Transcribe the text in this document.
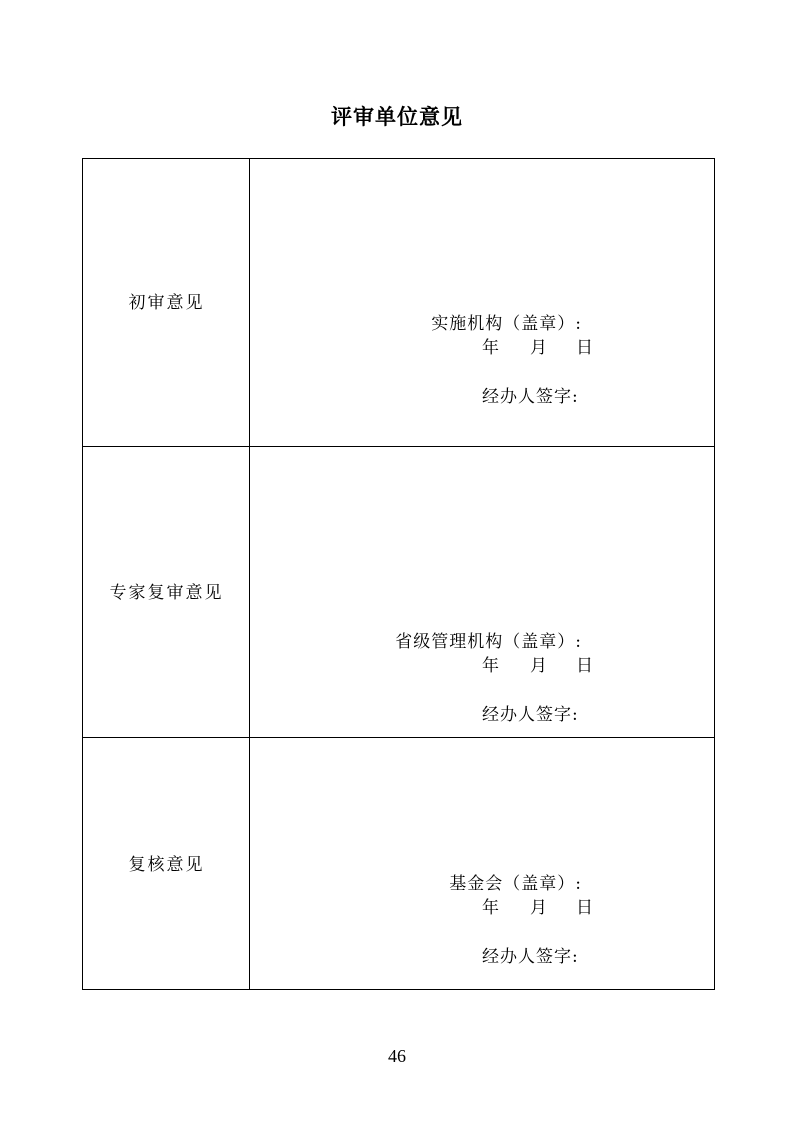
评审单位意见
初审意见	实施机构（盖章）:
年 月 日
经办人签字:

专家复审意见	省级管理机构（盖章）:
年 月 日
经办人签字:

复核意见	基金会（盖章）:
年 月 日
经办人签字:
46
